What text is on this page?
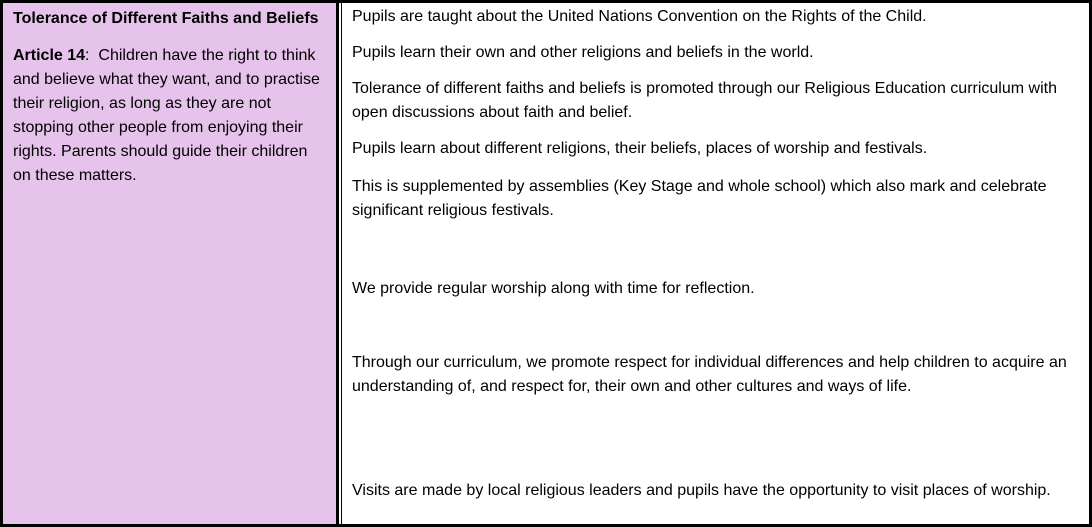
Tolerance of Different Faiths and Beliefs

Article 14:  Children have the right to think and believe what they want, and to practise their religion, as long as they are not stopping other people from enjoying their rights. Parents should guide their children on these matters.

Pupils are taught about the United Nations Convention on the Rights of the Child.

Pupils learn their own and other religions and beliefs in the world.

Tolerance of different faiths and beliefs is promoted through our Religious Education curriculum with open discussions about faith and belief.

Pupils learn about different religions, their beliefs, places of worship and festivals.

This is supplemented by assemblies (Key Stage and whole school) which also mark and celebrate significant religious festivals.

We provide regular worship along with time for reflection.

Through our curriculum, we promote respect for individual differences and help children to acquire an understanding of, and respect for, their own and other cultures and ways of life.

Visits are made by local religious leaders and pupils have the opportunity to visit places of worship.
